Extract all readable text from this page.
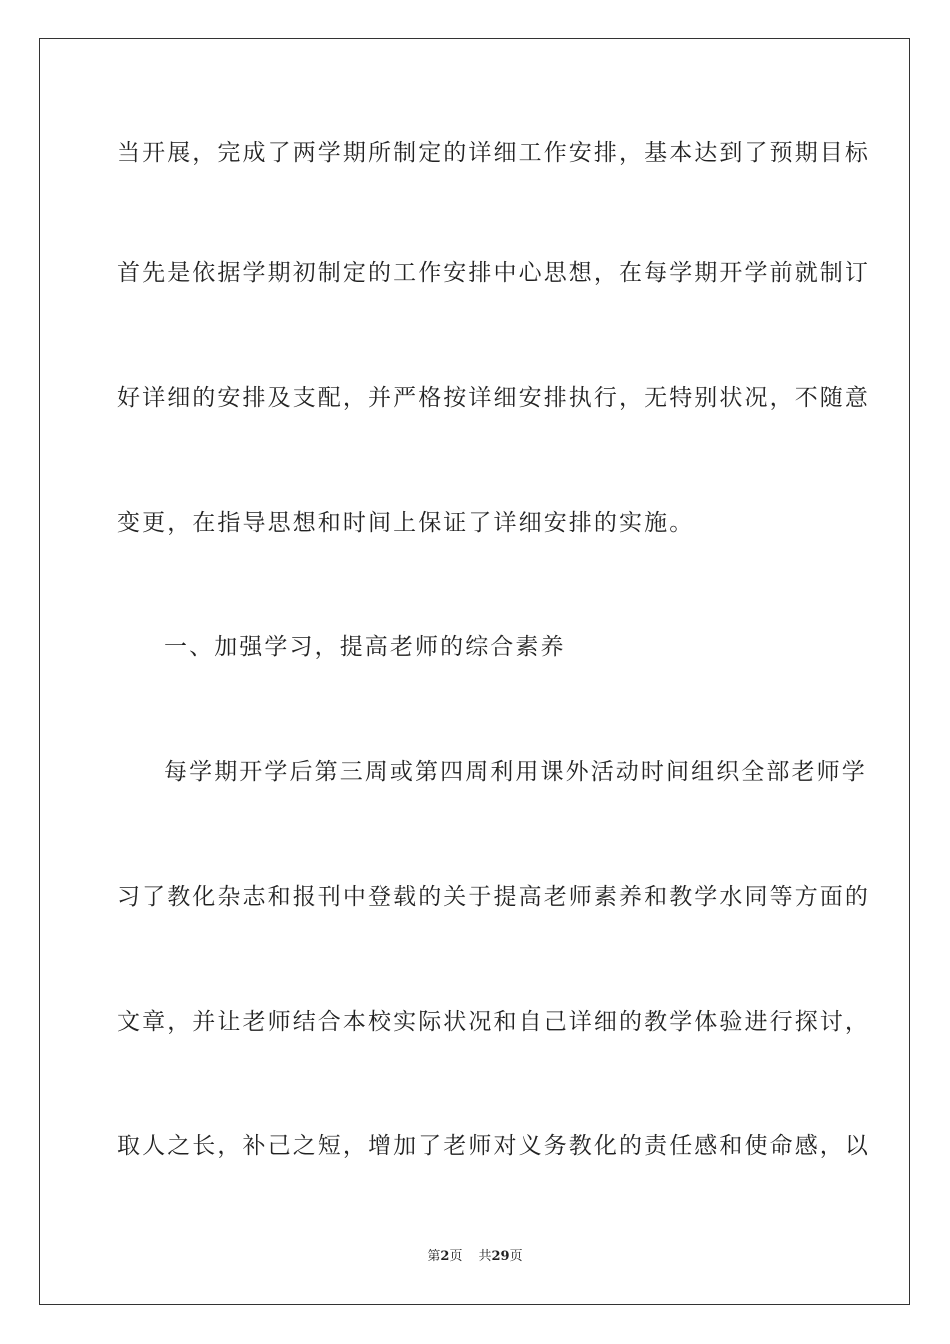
当开展，完成了两学期所制定的详细工作安排，基本达到了预期目标

首先是依据学期初制定的工作安排中心思想，在每学期开学前就制订

好详细的安排及支配，并严格按详细安排执行，无特别状况，不随意

变更，在指导思想和时间上保证了详细安排的实施。

一、加强学习，提高老师的综合素养

每学期开学后第三周或第四周利用课外活动时间组织全部老师学

习了教化杂志和报刊中登载的关于提高老师素养和教学水同等方面的

文章，并让老师结合本校实际状况和自己详细的教学体验进行探讨，

取人之长，补己之短，增加了老师对义务教化的责任感和使命感，以

第2页 共29页
